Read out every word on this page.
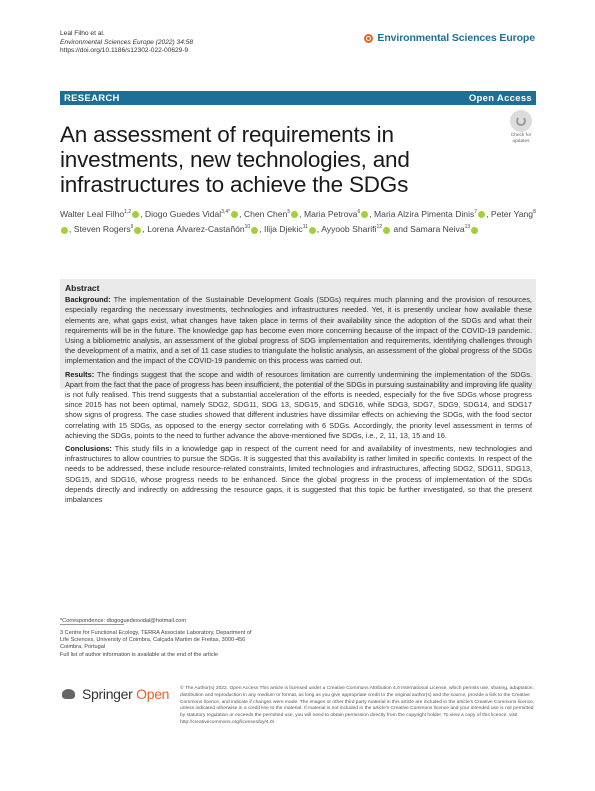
Leal Filho et al.
Environmental Sciences Europe (2022) 34:58
https://doi.org/10.1186/s12302-022-00629-9
Environmental Sciences Europe
RESEARCH	Open Access
An assessment of requirements in investments, new technologies, and infrastructures to achieve the SDGs
Check for updates
Walter Leal Filho$^{1,2}$ , Diogo Guedes Vidal$^{3,4*}$ , Chen Chen$^5$ , Maria Petrova$^6$ , Maria Alzira Pimenta Dinis$^7$ , Peter Yang$^8$, Steven Rogers$^9$ , Lorena Álvarez-Castañón$^{10}$ , Ilija Djekic$^{11}$ , Ayyoob Sharifi$^{12}$ and Samara Neiva$^{13}$
Abstract
Background: The implementation of the Sustainable Development Goals (SDGs) requires much planning and the provision of resources, especially regarding the necessary investments, technologies and infrastructures needed. Yet, it is presently unclear how available these elements are, what gaps exist, what changes have taken place in terms of their availability since the adoption of the SDGs and what their requirements will be in the future. The knowledge gap has become even more concerning because of the impact of the COVID-19 pandemic. Using a bibliometric analysis, an assessment of the global progress of SDG implementation and requirements, identifying challenges through the development of a matrix, and a set of 11 case studies to triangulate the holistic analysis, an assessment of the global progress of the SDGs implementation and the impact of the COVID-19 pandemic on this process was carried out.
Results: The findings suggest that the scope and width of resources limitation are currently undermining the implementation of the SDGs. Apart from the fact that the pace of progress has been insufficient, the potential of the SDGs in pursuing sustainability and improving life quality is not fully realised. This trend suggests that a substantial acceleration of the efforts is needed, especially for the five SDGs whose progress since 2015 has not been optimal, namely SDG2, SDG11, SDG 13, SDG15, and SDG16, while SDG3, SDG7, SDG9, SDG14, and SDG17 show signs of progress. The case studies showed that different industries have dissimilar effects on achieving the SDGs, with the food sector correlating with 15 SDGs, as opposed to the energy sector correlating with 6 SDGs. Accordingly, the priority level assessment in terms of achieving the SDGs, points to the need to further advance the above-mentioned five SDGs, i.e., 2, 11, 13, 15 and 16.
Conclusions: This study fills in a knowledge gap in respect of the current need for and availability of investments, new technologies and infrastructures to allow countries to pursue the SDGs. It is suggested that this availability is rather limited in specific contexts. In respect of the needs to be addressed, these include resource-related constraints, limited technologies and infrastructures, affecting SDG2, SDG11, SDG13, SDG15, and SDG16, whose progress needs to be enhanced. Since the global progress in the process of implementation of the SDGs depends directly and indirectly on addressing the resource gaps, it is suggested that this topic be further investigated, so that the present imbalances
*Correspondence: diogoguedesvidal@hotmail.com
3 Centre for Functional Ecology, TERRA Associate Laboratory, Department of Life Sciences, University of Coimbra, Calçada Martim de Freitas, 3000-456 Coimbra, Portugal
Full list of author information is available at the end of the article
Springer Open © The Author(s) 2022. Open Access This article is licensed under a Creative Commons Attribution 4.0 International License, which permits use, sharing, adaptation, distribution and reproduction in any medium or format, as long as you give appropriate credit to the original author(s) and the source, provide a link to the Creative Commons licence, and indicate if changes were made. The images or other third party material in this article are included in the article's Creative Commons licence, unless indicated otherwise in a credit line to the material. If material is not included in the article's Creative Commons licence and your intended use is not permitted by statutory regulation or exceeds the permitted use, you will need to obtain permission directly from the copyright holder. To view a copy of this licence, visit http://creativecommons.org/licenses/by/4.0/.
